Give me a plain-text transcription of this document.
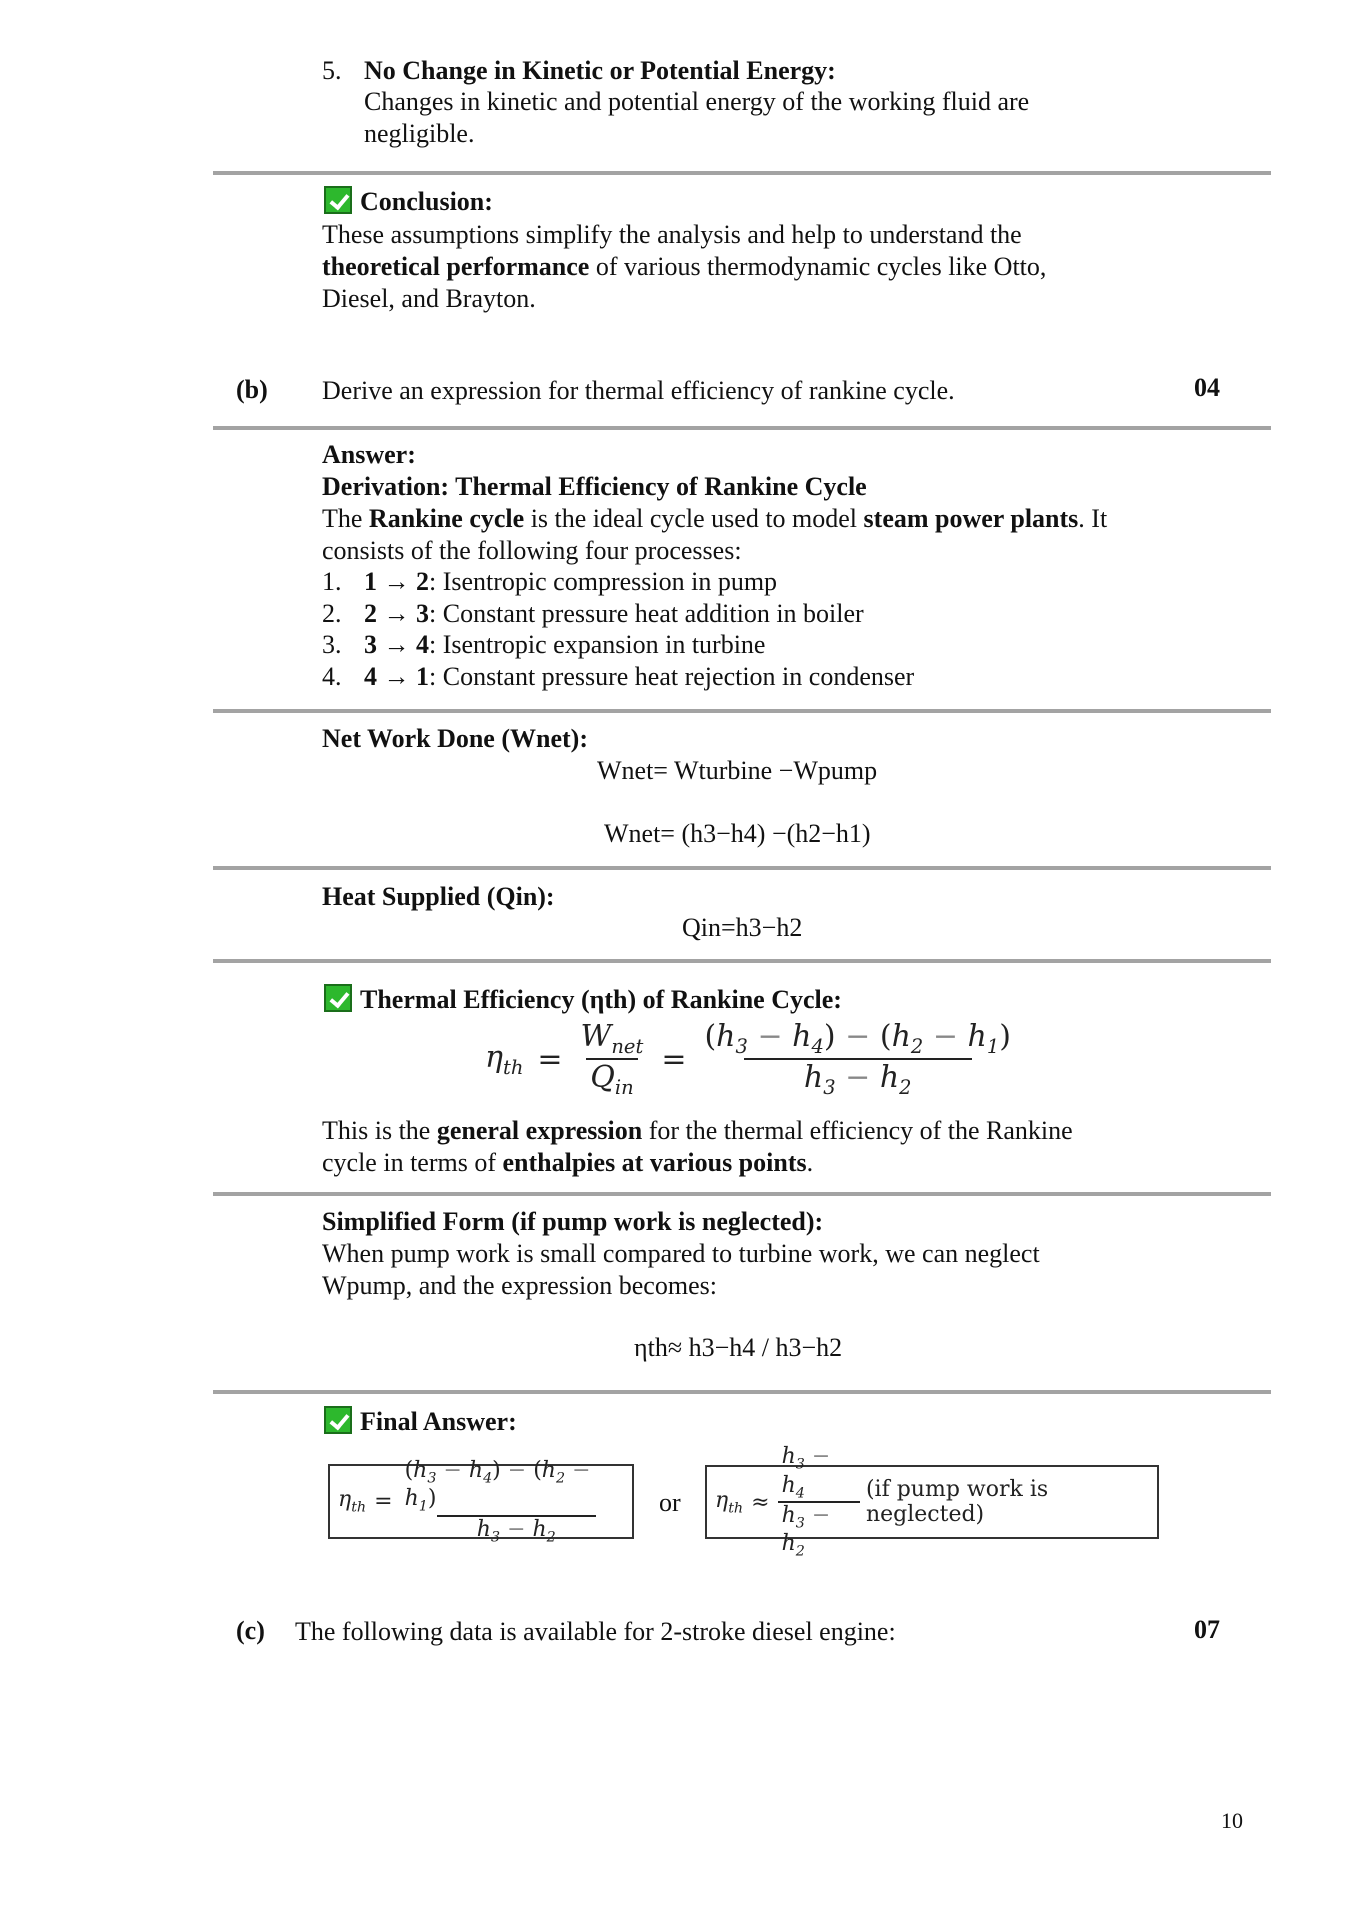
5. No Change in Kinetic or Potential Energy:
Changes in kinetic and potential energy of the working fluid are
negligible.
Conclusion:
These assumptions simplify the analysis and help to understand the
theoretical performance of various thermodynamic cycles like Otto,
Diesel, and Brayton.
(b) Derive an expression for thermal efficiency of rankine cycle.	04
Answer:
Derivation: Thermal Efficiency of Rankine Cycle
The Rankine cycle is the ideal cycle used to model steam power plants. It
consists of the following four processes:
1. 1 → 2: Isentropic compression in pump
2. 2 → 3: Constant pressure heat addition in boiler
3. 3 → 4: Isentropic expansion in turbine
4. 4 → 1: Constant pressure heat rejection in condenser
Net Work Done (Wnet):
Wnet= Wturbine −Wpump
Wnet= (h3−h4) −(h2−h1)
Heat Supplied (Qin):
Qin=h3−h2
Thermal Efficiency (ηth) of Rankine Cycle:
$\eta_{th} = \frac{W_{net}}{Q_{in}} = \frac{(h_3 - h_4) - (h_2 - h_1)}{h_3 - h_2}$
This is the general expression for the thermal efficiency of the Rankine
cycle in terms of enthalpies at various points.
Simplified Form (if pump work is neglected):
When pump work is small compared to turbine work, we can neglect
Wpump, and the expression becomes:
ηth≈ h3−h4 / h3−h2
Final Answer:
$\eta_{th} = \frac{(h_3 - h_4) - (h_2 - h_1)}{h_3 - h_2}$ or $\eta_{th} \approx \frac{h_3 - h_4}{h_3 - h_2} (if$ pump work is neglected)
(c) The following data is available for 2-stroke diesel engine:	07
10
